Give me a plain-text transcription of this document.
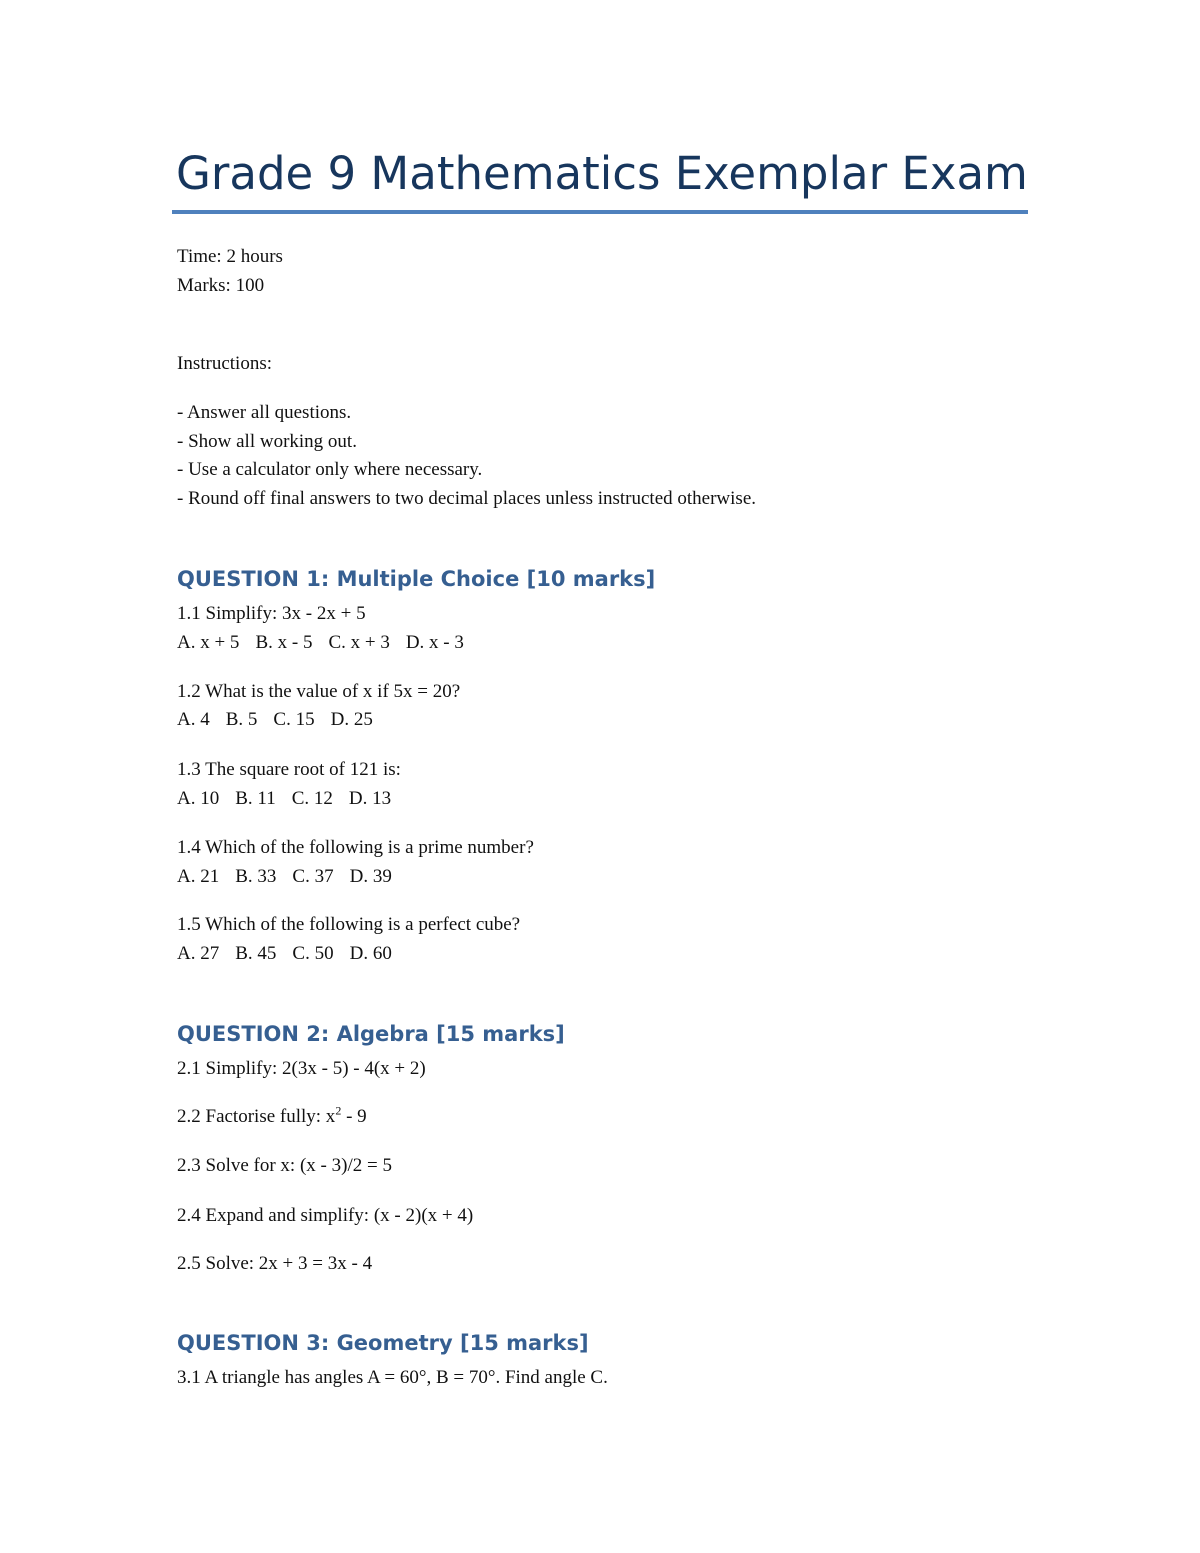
Grade 9 Mathematics Exemplar Exam

Time: 2 hours

Marks: 100

Instructions:

- Answer all questions.

- Show all working out.

- Use a calculator only where necessary.

- Round off final answers to two decimal places unless instructed otherwise.

QUESTION 1: Multiple Choice [10 marks]

1.1 Simplify: 3x - 2x + 5

A. x + 5 B. x - 5 C. x + 3 D. x - 3

1.2 What is the value of x if 5x = 20?

A. 4 B. 5 C. 15 D. 25

1.3 The square root of 121 is:

A. 10 B. 11 C. 12 D. 13

1.4 Which of the following is a prime number?

A. 21 B. 33 C. 37 D. 39

1.5 Which of the following is a perfect cube?

A. 27 B. 45 C. 50 D. 60
QUESTION 2: Algebra [15 marks]

2.1 Simplify: 2(3x - 5) - 4(x + 2)

2.2 Factorise fully: $x^2 - 9$

2.3 Solve for x: (x - 3)/2 = 5

2.4 Expand and simplify: (x - 2)(x + 4)

2.5 Solve: 2x + 3 = 3x - 4

QUESTION 3: Geometry [15 marks]

3.1 A triangle has angles A = 60°, B = 70°. Find angle C.
